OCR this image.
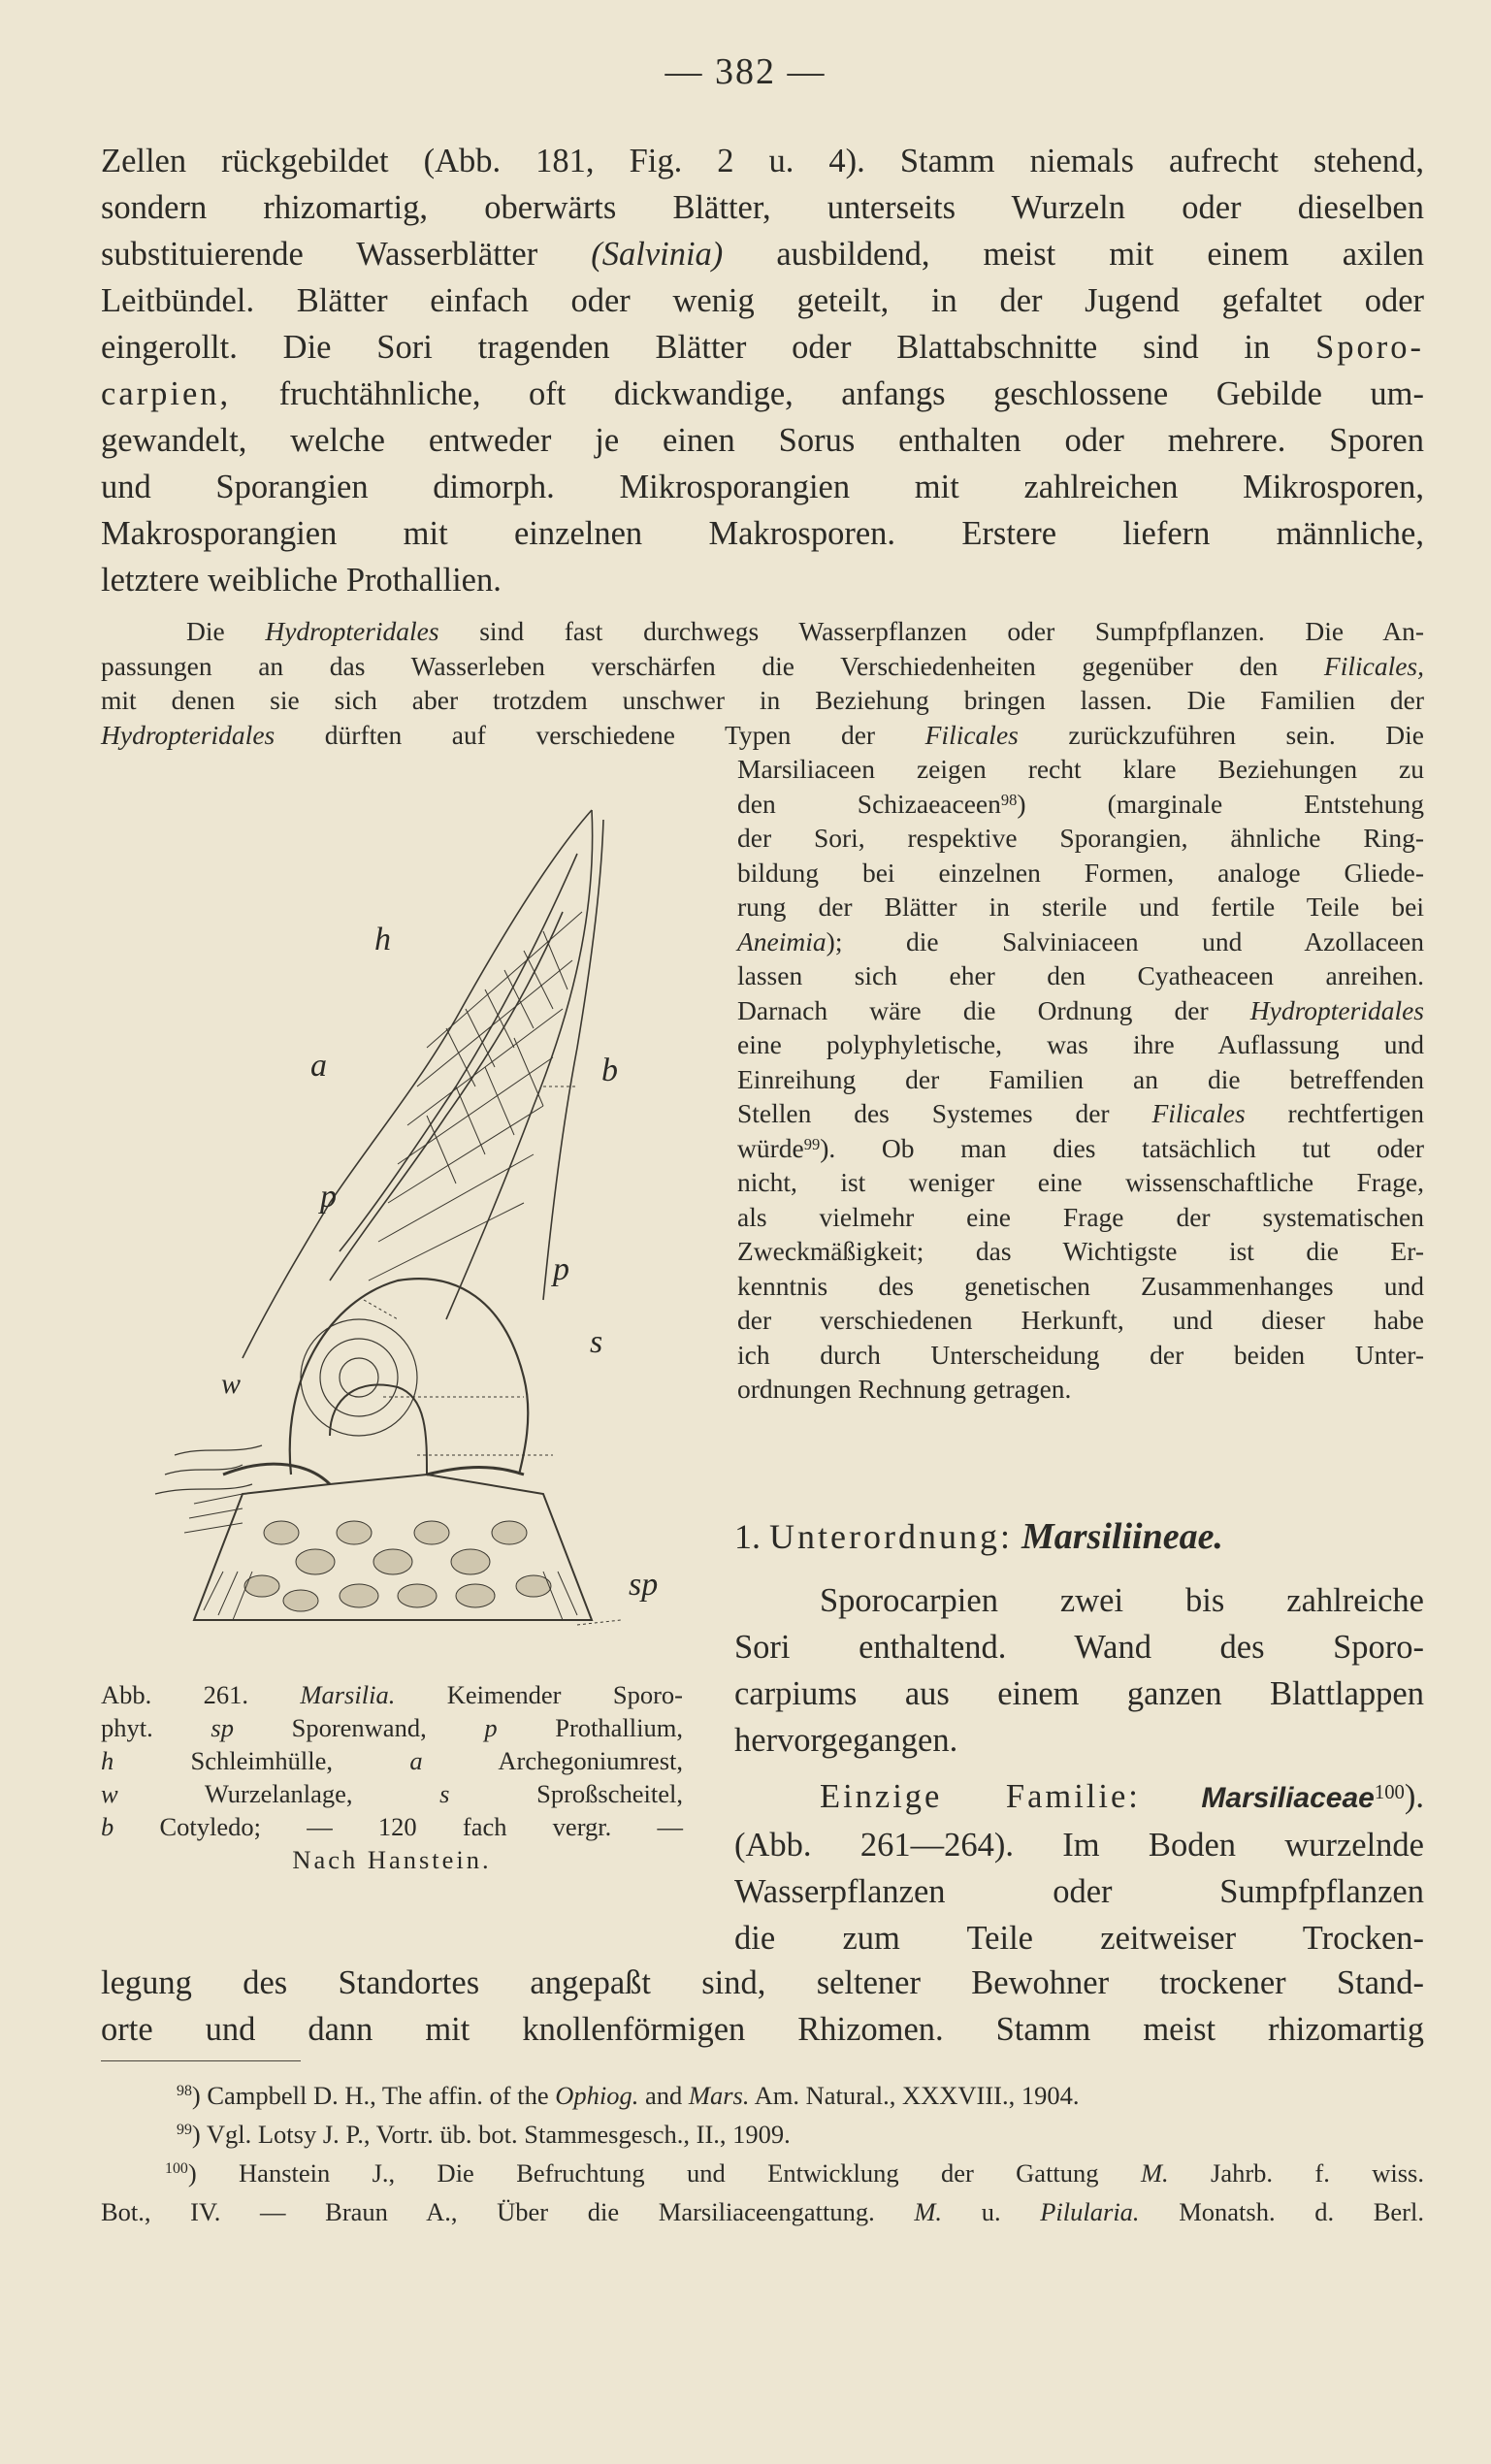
— 382 —
Zellen rückgebildet (Abb. 181, Fig. 2 u. 4). Stamm niemals aufrecht stehend,
sondern rhizomartig, oberwärts Blätter, unterseits Wurzeln oder dieselben
substituierende Wasserblätter (Salvinia) ausbildend, meist mit einem axilen
Leitbündel. Blätter einfach oder wenig geteilt, in der Jugend gefaltet oder
eingerollt. Die Sori tragenden Blätter oder Blattabschnitte sind in Sporo-
carpien, fruchtähnliche, oft dickwandige, anfangs geschlossene Gebilde um-
gewandelt, welche entweder je einen Sorus enthalten oder mehrere. Sporen
und Sporangien dimorph. Mikrosporangien mit zahlreichen Mikrosporen,
Makrosporangien mit einzelnen Makrosporen. Erstere liefern männliche,
letztere weibliche Prothallien.
Die Hydropteridales sind fast durchwegs Wasserpflanzen oder Sumpfpflanzen. Die An-
passungen an das Wasserleben verschärfen die Verschiedenheiten gegenüber den Filicales,
mit denen sie sich aber trotzdem unschwer in Beziehung bringen lassen. Die Familien der
Hydropteridales dürften auf verschiedene Typen der Filicales zurückzuführen sein. Die
Marsiliaceen zeigen recht klare Beziehungen zu
den Schizaeaceen$^{98}$) (marginale Entstehung
der Sori, respektive Sporangien, ähnliche Ring-
bildung bei einzelnen Formen, analoge Gliede-
rung der Blätter in sterile und fertile Teile bei
Aneimia); die Salviniaceen und Azollaceen
lassen sich eher den Cyatheaceen anreihen.
Darnach wäre die Ordnung der Hydropteridales
eine polyphyletische, was ihre Auflassung und
Einreihung der Familien an die betreffenden
Stellen des Systemes der Filicales rechtfertigen
würde$^{99}$). Ob man dies tatsächlich tut oder
nicht, ist weniger eine wissenschaftliche Frage,
als vielmehr eine Frage der systematischen
Zweckmäßigkeit; das Wichtigste ist die Er-
kenntnis des genetischen Zusammenhanges und
der verschiedenen Herkunft, und dieser habe
ich durch Unterscheidung der beiden Unter-
ordnungen Rechnung getragen.
h
a
p
w
b
p
s
sp
Abb. 261. Marsilia. Keimender Sporo-
phyt. sp Sporenwand, p Prothallium,
h Schleimhülle, a Archegoniumrest,
w Wurzelanlage, s Sproßscheitel,
b Cotyledo; — 120 fach vergr. —
Nach Hanstein.
1. Unterordnung: Marsiliineae.
Sporocarpien zwei bis zahlreiche
Sori enthaltend. Wand des Sporo-
carpiums aus einem ganzen Blattlappen
hervorgegangen.
Einzige Familie: Marsiliaceae$^{100}$).
(Abb. 261—264). Im Boden wurzelnde
Wasserpflanzen oder Sumpfpflanzen
die zum Teile zeitweiser Trocken-
legung des Standortes angepaßt sind, seltener Bewohner trockener Stand-
orte und dann mit knollenförmigen Rhizomen. Stamm meist rhizomartig
$^{98}$) Campbell D. H., The affin. of the Ophiog. and Mars. Am. Natural., XXXVIII., 1904.
$^{99}$) Vgl. Lotsy J. P., Vortr. üb. bot. Stammesgesch., II., 1909.
$^{100}$) Hanstein J., Die Befruchtung und Entwicklung der Gattung M. Jahrb. f. wiss.
Bot., IV. — Braun A., Über die Marsiliaceengattung. M. u. Pilularia. Monatsh. d. Berl.
